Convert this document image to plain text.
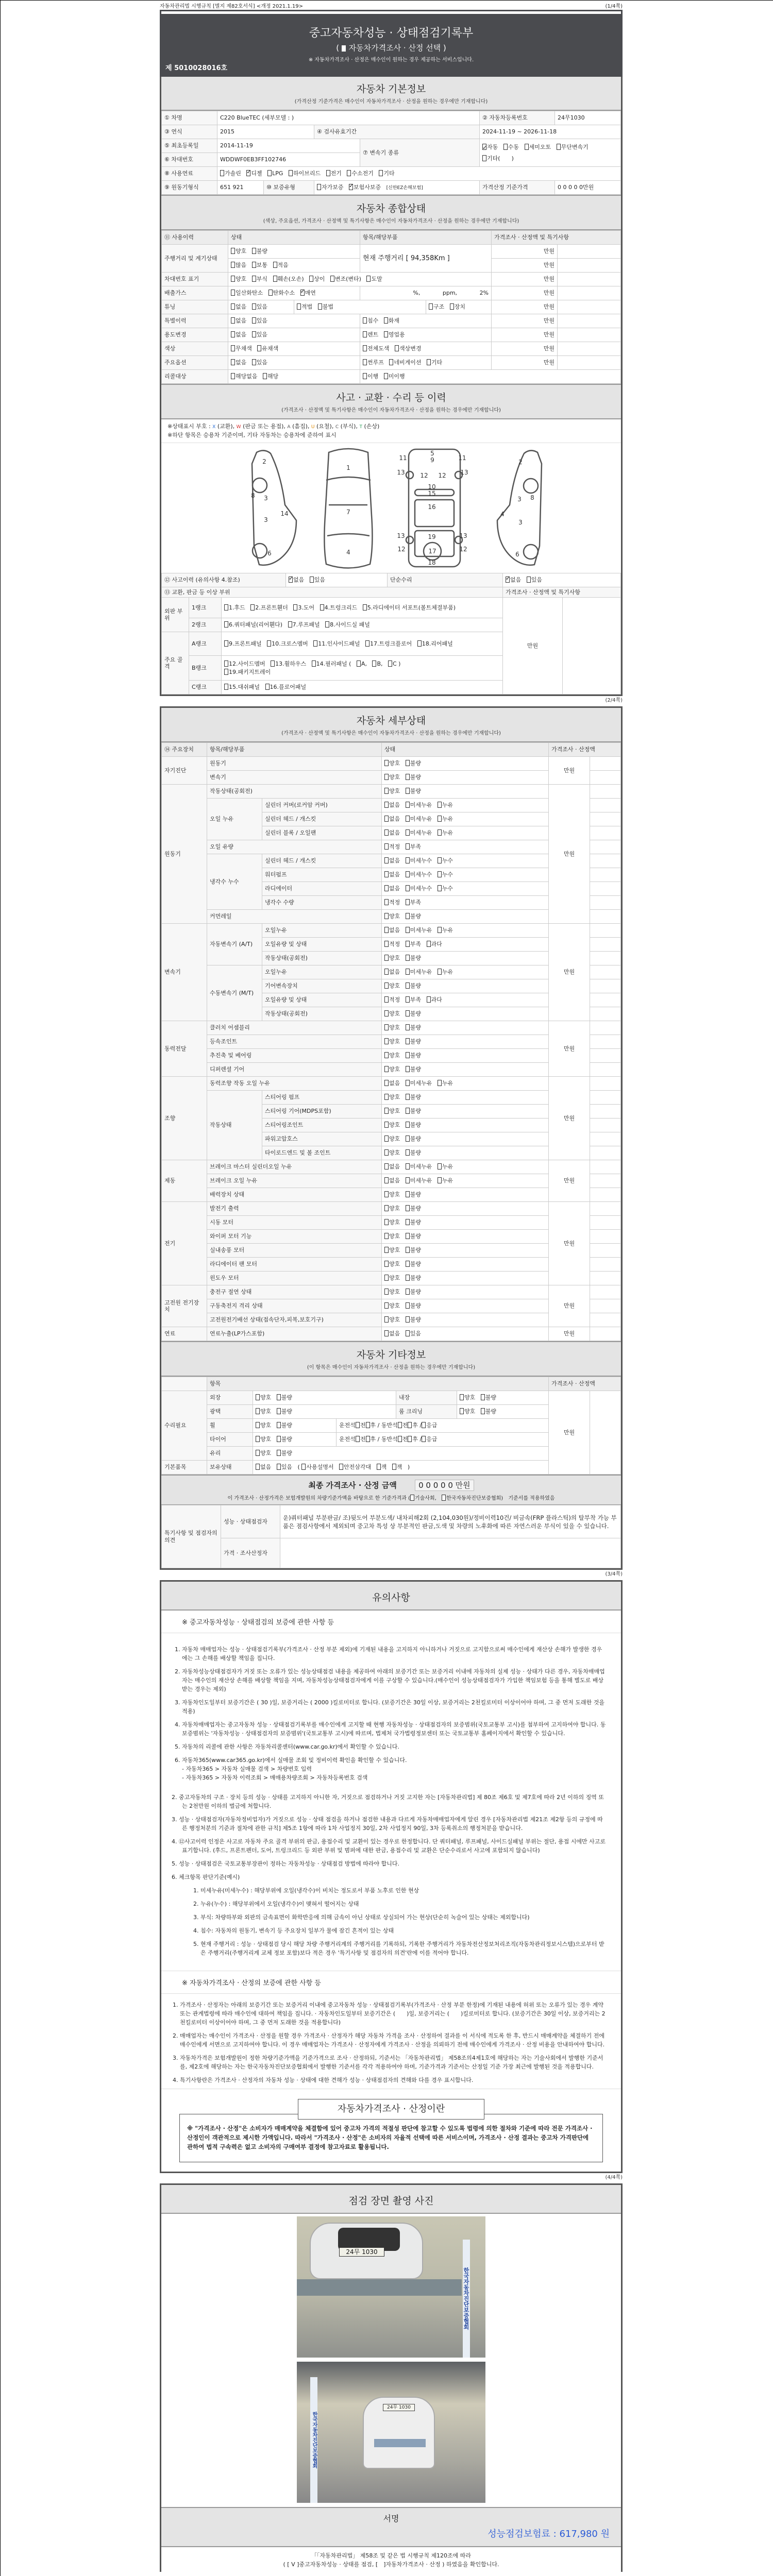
자동차관리법 시행규칙 [별지 제82호서식] <개정 2021.1.19>	(1/4쪽)
중고자동차성능 · 상태점검기록부
( 자동차가격조사 · 산정 선택 )
※ 자동차가격조사 · 산정은 매수인이 원하는 경우 제공하는 서비스입니다.
제 5010028016호
자동차 기본정보
(가격산정 기준가격은 매수인이 자동차가격조사 · 산정을 원하는 경우에만 기재합니다)
① 차명	C220 BlueTEC (세부모델 : )				② 자동차등록번호	24무1030
③ 연식	2015		④ 검사유효기간		2024-11-19 ~ 2026-11-18	
⑤ 최초등록일	2014-11-19			⑦ 변속기 종류	✓자동 수동 세미오토 무단변속기 기타(　　)
⑥ 차대번호	WDDWF0EB3FF102746					
⑧ 사용연료	가솔린 ✓ 디젤 LPG 하이브리드 전기 수소전기 기타
⑨ 원동기형식	651 921	⑩ 보증유형	자가보증 ✓ 보험사보증 [신한EZ손해보험]		가격산정 기준가격	0 0 0 0 0만원
자동차 종합상태
(색상, 주요옵션, 가격조사 · 산정액 및 특기사항은 매수인이 자동차가격조사 · 산정을 원하는 경우에만 기재합니다)
⑪ 사용이력	상태		항목/해당부품		가격조사 · 산정액 및 특기사항	
주행거리 및 계기상태	양호 불량		현재 주행거리 [ 94,358Km ]		만원	
	많음 보통 적음				만원	
차대번호 표기	양호 부식 훼손(오손) 상이 변조(변타) 도말				만원	
배출가스	일산화탄소 탄화수소 ✓ 매연		%, ppm, 2%		만원	
튜닝	없음 있음	적법 불법		구조 장치	만원	
특별이력	없음 있음		침수 화재		만원	
용도변경	없음 있음		렌트 영업용		만원	
색상	무채색 유채색		전체도색 색상변경		만원	
주요옵션	없음 있음		썬루프 네비게이션 기타		만원	
리콜대상	해당없음 해당		이행 미이행			
사고 · 교환 · 수리 등 이력
(가격조사 · 산정액 및 특기사항은 매수인이 자동차가격조사 · 산정을 원하는 경우에만 기재합니다)
※상태표시 부호 : X (교환), W (판금 또는 용접), A (흠집), U (요철), C (부식), T (손상)
※하단 항목은 승용차 기준이며, 기타 자동차는 승용차에 준하여 표시
1
2	2
3
3
3
3
4
4
5
6	6
7
8	8
9
10
11	11
12 12
12	12
13	13
13	13
14
15
16
17
18
19
⑫ 사고이력 (유의사항 4.참조)	✓없음 있음	단순수리	✓없음 있음
⑬ 교환, 판금 등 이상 부위					가격조사 · 산정액 및 특기사항	
외판 부위	1랭크	1.후드 2.프론트휀더 3.도어 4.트렁크리드 5.라디에이터 서포트(볼트체결부품)			만원	
	2랭크	6.쿼터패널(리어휀다) 7.루프패널 8.사이드실 패널				
주요 골격	A랭크	9.프론트패널 10.크로스멤버 11.인사이드패널 17.트렁크플로어 18.리어패널				
	B랭크	12.사이드멤버 13.휠하우스 14.필러패널 ( A, B, C )
19.패키지트레이				
	C랭크	15.대쉬패널 16.플로어패널				
(2/4쪽)
자동차 세부상태
(가격조사 · 산정액 및 특기사항은 매수인이 자동차가격조사 · 산정을 원하는 경우에만 기재합니다)
⑭ 주요장치	항목/해당부품		상태	가격조사 · 산정액	
자기진단	원동기		양호 불량	만원	
	변속기		양호 불량		
원동기	작동상태(공회전)		양호 불량	만원	
	오일 누유	실린더 커버(로커암 커버)	없음 미세누유 누유		
		실린더 헤드 / 개스킷	없음 미세누유 누유		
		실린더 블록 / 오일팬	없음 미세누유 누유		
	오일 유량		적정 부족		
	냉각수 누수	실린더 헤드 / 개스킷	없음 미세누수 누수		
		워터펌프	없음 미세누수 누수		
		라디에이터	없음 미세누수 누수		
		냉각수 수량	적정 부족		
	커먼레일		양호 불량		
변속기	자동변속기 (A/T)	오일누유	없음 미세누유 누유	만원	
		오일유량 및 상태	적정 부족 과다		
		작동상태(공회전)	양호 불량		
	수동변속기 (M/T)	오일누유	없음 미세누유 누유		
		기어변속장치	양호 불량		
		오일유량 및 상태	적정 부족 과다		
		작동상태(공회전)	양호 불량		
동력전달	클러치 어셈블리		양호 불량	만원	
	등속조인트		양호 불량		
	추진축 및 베어링		양호 불량		
	디퍼렌셜 기어		양호 불량		
조향	동력조향 작동 오일 누유		없음 미세누유 누유	만원	
	작동상태	스티어링 펌프	양호 불량		
		스티어링 기어(MDPS포함)	양호 불량		
		스티어링조인트	양호 불량		
		파워고압호스	양호 불량		
		타이로드엔드 및 볼 조인트	양호 불량		
제동	브레이크 마스터 실린더오일 누유		없음 미세누유 누유	만원	
	브레이크 오일 누유		없음 미세누유 누유		
	배력장치 상태		양호 불량		
전기	발전기 출력		양호 불량	만원	
	시동 모터		양호 불량		
	와이퍼 모터 기능		양호 불량		
	실내송풍 모터		양호 불량		
	라디에이터 팬 모터		양호 불량		
	윈도우 모터		양호 불량		
고전원 전기장치	충전구 절연 상태		양호 불량	만원	
	구동축전지 격리 상태		양호 불량		
	고전원전기배선 상태(접속단자,피복,보호기구)		양호 불량		
연료	연료누출(LP가스포함)		없음 있음	만원	
자동차 기타정보
(이 항목은 매수인이 자동차가격조사 · 산정을 원하는 경우에만 기재합니다)
	항목					가격조사 · 산정액	
수리필요	외장	양호 불량		내장	양호 불량	만원	
	광택	양호 불량		룸 크리닝	양호 불량		
	휠	양호 불량	운전석 전 후 / 동반석 전 후 / 응급				
	타이어	양호 불량	운전석 전 후 / 동반석 전 후 / 응급				
	유리	양호 불량					
기본품목	보유상태	없음 있음 ( 사용설명서 안전삼각대 잭 잭 )					
최종 가격조사 · 산정 금액	0 0 0 0 0 만원
이 가격조사 · 산정가격은 보험개발원의 차량기준가액을 바탕으로 한 기준가격과 ( 기술사회, 한국자동차진단보증협회) 기준서를 적용하였음
특기사항 및 점검자의 의견	성능 · 상태점검자	운)쿼터패널 부분판금/ 조)뒷도어 부분도색/ 내차피해2회 (2,104,030원)/정비이력10건/ 비금속(FRP 플라스틱)의 탈부착 가능 부품은 점검사항에서 제외되며 중고차 특성 상 부분적인 판금,도색 및 차량의 노후화에 따른 자연스러운 부식이 있을 수 있습니다.
	가격 · 조사산정자	
(3/4쪽)
유의사항
※ 중고자동차성능 · 상태점검의 보증에 관한 사항 등
1. 자동차 매매업자는 성능 · 상태점검기록부(가격조사 · 산정 부분 제외)에 기재된 내용을 고지하지 아니하거나 거짓으로 고지함으로써 매수인에게 재산상 손해가 발생한 경우에는 그 손해를 배상할 책임을 집니다.
2. 자동차성능상태점검자가 거짓 또는 오류가 있는 성능상태점검 내용을 제공하여 아래의 보증기간 또는 보증거리 이내에 자동차의 실제 성능 · 상태가 다른 경우, 자동차매매업자는 매수인의 재산상 손해를 배상할 책임을 지며, 자동차성능상태점검자에게 이를 구상할 수 있습니다.(매수인이 성능상태점검자가 가입한 책임보험 등을 통해 별도로 배상받는 경우는 제외)
3. 자동차인도일부터 보증기간은 ( 30 )일, 보증거리는 ( 2000 )킬로미터로 합니다. (보증기간은 30일 이상, 보증거리는 2천킬로미터 이상이어야 하며, 그 중 먼저 도래한 것을 적용)
4. 자동차매매업자는 중고자동차 성능 · 상태점검기록부를 매수인에게 고지할 때 현행 자동차성능 · 상태점검자의 보증범위(국토교통부 고시)를 첨부하여 고지하여야 합니다. 동 보증범위는 '자동차성능 · 상태점검자의 보증범위'(국토교통부 고시)에 따르며, 법제처 국가법령정보센터 또는 국토교통부 홈페이지에서 확인할 수 있습니다.
5. 자동차의 리콜에 관한 사항은 자동차리콜센터(www.car.go.kr)에서 확인할 수 있습니다.
6. 자동차365(www.car365.go.kr)에서 실매물 조회 및 정비이력 확인을 확인할 수 있습니다.
- 자동차365 > 자동차 실매물 검색 > 차량번호 입력
- 자동차365 > 자동차 이력조회 > 매매용차량조회 > 자동차등록번호 검색
2. 중고자동차의 구조 · 장치 등의 성능 · 상태를 고지하지 아니한 자, 거짓으로 점검하거나 거짓 고지한 자는 [자동차관리법] 제 80조 제6호 및 제7호에 따라 2년 이하의 징역 또는 2천만원 이하의 벌금에 처합니다.
3. 성능 · 상태점검자(자동차정비업자)가 거짓으로 성능 · 상태 점검을 하거나 점검한 내용과 다르게 자동차매매업자에게 알린 경우 [자동차관리법 제21조 제2항 등의 규정에 따른 행정처분의 기준과 절차에 관한 규칙] 제5조 1항에 따라 1차 사업정지 30일, 2차 사업정지 90일, 3차 등록취소의 행정처분을 받습니다.
4. ⑫사고이력 인정은 사고로 자동차 주요 골격 부위의 판금, 용접수리 및 교환이 있는 경우로 한정합니다. 단 쿼터패널, 루프패널, 사이드실패널 부위는 절단, 용접 시에만 사고로 표기합니다. (후드, 프론트펜더, 도어, 트렁크리드 등 외판 부위 및 범퍼에 대한 판금, 용접수리 및 교환은 단순수리로서 사고에 포함되지 않습니다)
5. 성능 · 상태점검은 국토교통부장관이 정하는 자동차성능 · 상태점검 방법에 따라야 합니다.
6. 체크항목 판단기준(예시)
1. 미세누유(미세누수) : 해당부위에 오일(냉각수)이 비치는 정도로서 부품 노후로 인한 현상
2. 누유(누수) : 해당부위에서 오일(냉각수)이 맺혀서 떨어지는 상태
3. 부식: 차량하부와 외판의 금속표면이 화학반응에 의해 금속이 아닌 상태로 상실되어 가는 현상(단순히 녹슬어 있는 상태는 제외합니다)
4. 침수: 자동차의 원동기, 변속기 등 주요장치 일부가 물에 잠긴 흔적이 있는 상태
5. 현재 주행거리 : 성능 · 상태점검 당시 해당 차량 주행거리계의 주행거리를 기록하되, 기록한 주행거리가 자동차전산정보처리조직(자동차관리정보시스템)으로부터 받은 주행거리(주행거리계 교체 정보 포함)보다 적은 경우 '특기사항 및 점검자의 의견'란에 이를 적어야 합니다.
※ 자동차가격조사 · 산정의 보증에 관한 사항 등
1. 가격조사 · 산정자는 아래의 보증기간 또는 보증거리 이내에 중고자동차 성능 · 상태점검기록부(가격조사 · 산정 부분 한정)에 기재된 내용에 허위 또는 오류가 있는 경우 계약 또는 관계법령에 따라 매수인에 대하여 책임을 집니다. · 자동차인도일부터 보증기간은 (　　)일, 보증거리는 (　　)킬로미터로 합니다. (보증기간은 30일 이상, 보증거리는 2천킬로미터 이상이어야 하며, 그 중 먼저 도래한 것을 적용합니다)
2. 매매업자는 매수인이 가격조사 · 산정을 원할 경우 가격조사 · 산정자가 해당 자동차 가격을 조사 · 산정하여 결과를 이 서식에 적도록 한 후, 반드시 매매계약을 체결하기 전에 매수인에게 서면으로 고지하여야 합니다. 이 경우 매매업자는 가격조사 · 산정자에게 가격조사 · 산정을 의뢰하기 전에 매수인에게 가격조사 · 산정 비용을 안내하여야 합니다.
3. 자동차가격은 보험개발원이 정한 차량기준가액을 기준가격으로 조사 · 산정하되, 기준서는 「자동차관리법」 제58조의4제1호에 해당하는 자는 기술사회에서 발행한 기준서를, 제2호에 해당하는 자는 한국자동차진단보증협회에서 발행한 기준서를 각각 적용하여야 하며, 기준가격과 기준서는 산정일 기준 가장 최근에 발행된 것을 적용합니다.
4. 특기사항란은 가격조사 · 산정자의 자동차 성능 · 상태에 대한 견해가 성능 · 상태점검자의 견해와 다를 경우 표시합니다.
자동차가격조사 · 산정이란
※ "가격조사 · 산정"은 소비자가 매매계약을 체결함에 있어 중고차 가격의 적절성 판단에 참고할 수 있도록 법령에 의한 절차와 기준에 따라 전문 가격조사 · 산정인이 객관적으로 제시한 가액입니다. 따라서 "가격조사 · 산정"은 소비자의 자율적 선택에 따른 서비스이며, 가격조사 · 산정 결과는 중고차 가격판단에 관하여 법적 구속력은 없고 소비자의 구매여부 결정에 참고자료로 활용됩니다.
(4/4쪽)
점검 장면 촬영 사진
24무 1030
한국자동차진단보증협회
24무 1030
한국자동차진단보증협회
서명
성능점검보험료 : 617,980 원
「「자동차관리법」 제58조 및 같은 법 시행규칙 제120조에 따라
( [ V ]중고자동차성능 · 상태를 점검, [　]자동차가격조사 · 산정 ) 하였음을 확인합니다.
